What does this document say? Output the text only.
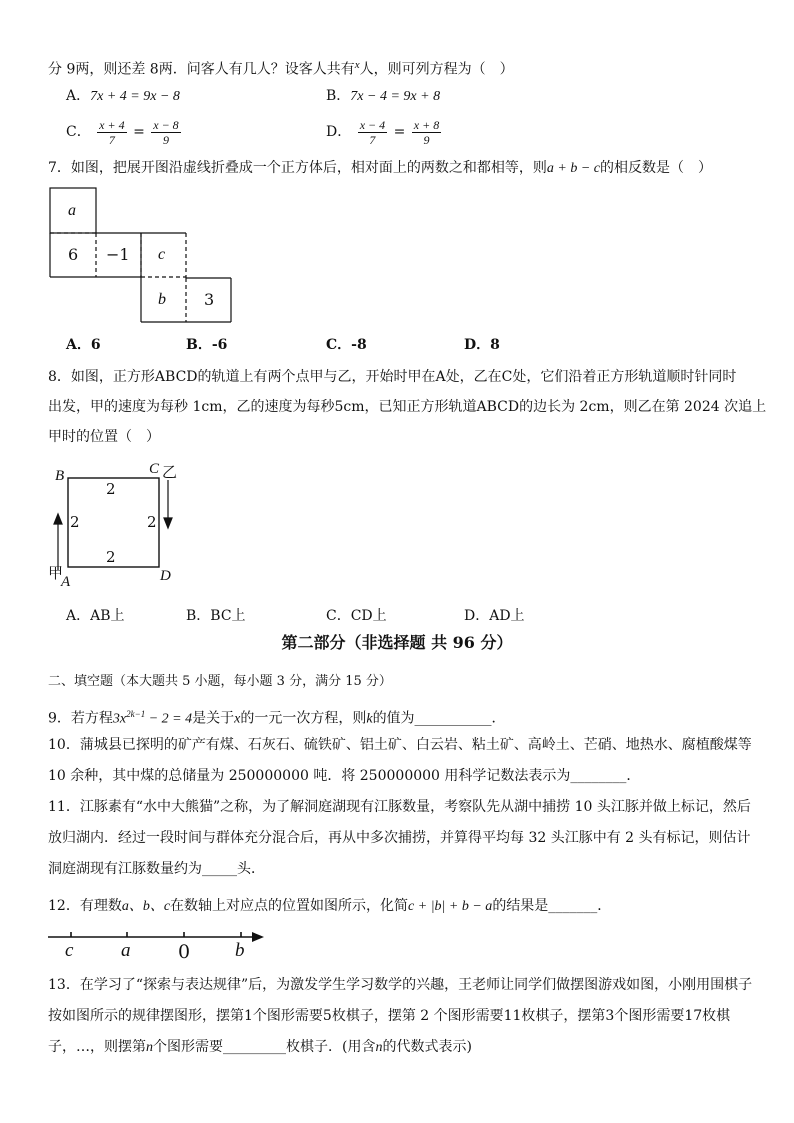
分 9两，则还差 8两．问客人有几人？设客人共有$^x$人，则可列方程为（　）
A．7x + 4 = 9x − 8	B．7x − 4 = 9x + 8
C． $\frac{x + 4}{7} = \frac{x - 8}{9}$	D． $\frac{x - 4}{7} = \frac{x + 8}{9}$
7．如图，把展开图沿虚线折叠成一个正方体后，相对面上的两数之和都相等，则a + b − c的相反数是（　）
a
6 −1 c
b 3
A．6	B．-6	C．-8	D．8
8．如图，正方形ABCD的轨道上有两个点甲与乙，开始时甲在A处，乙在C处，它们沿着正方形轨道顺时针同时
出发，甲的速度为每秒 1cm，乙的速度为每秒5cm，已知正方形轨道ABCD的边长为 2cm，则乙在第 2024 次追上
甲时的位置（　）
B	C 乙
甲
A	D
2
2	2
2
A．AB上	B．BC上	C．CD上	D．AD上
第二部分（非选择题 共 96 分）
二、填空题（本大题共 5 小题，每小题 3 分，满分 15 分）
9．若方程$3x^{2k-1} - 2 = 4$是关于x的一元一次方程，则k的值为___________．
10．蒲城县已探明的矿产有煤、石灰石、硫铁矿、铝土矿、白云岩、粘土矿、高岭土、芒硝、地热水、腐植酸煤等
10 余种，其中煤的总储量为 250000000 吨．将 250000000 用科学记数法表示为________．
11．江豚素有“水中大熊猫”之称，为了解洞庭湖现有江豚数量，考察队先从湖中捕捞 10 头江豚并做上标记，然后
放归湖内．经过一段时间与群体充分混合后，再从中多次捕捞，并算得平均每 32 头江豚中有 2 头有标记，则估计
洞庭湖现有江豚数量约为_____头．
12．有理数a、b、c在数轴上对应点的位置如图所示，化简c + |b| + b − a的结果是_______．
c	a	0 b
13．在学习了“探索与表达规律”后，为激发学生学习数学的兴趣，王老师让同学们做摆图游戏如图，小刚用围棋子
按如图所示的规律摆图形，摆第1个图形需要5枚棋子，摆第 2 个图形需要11枚棋子，摆第3个图形需要17枚棋
子，…，则摆第n个图形需要_________枚棋子．(用含n的代数式表示)
